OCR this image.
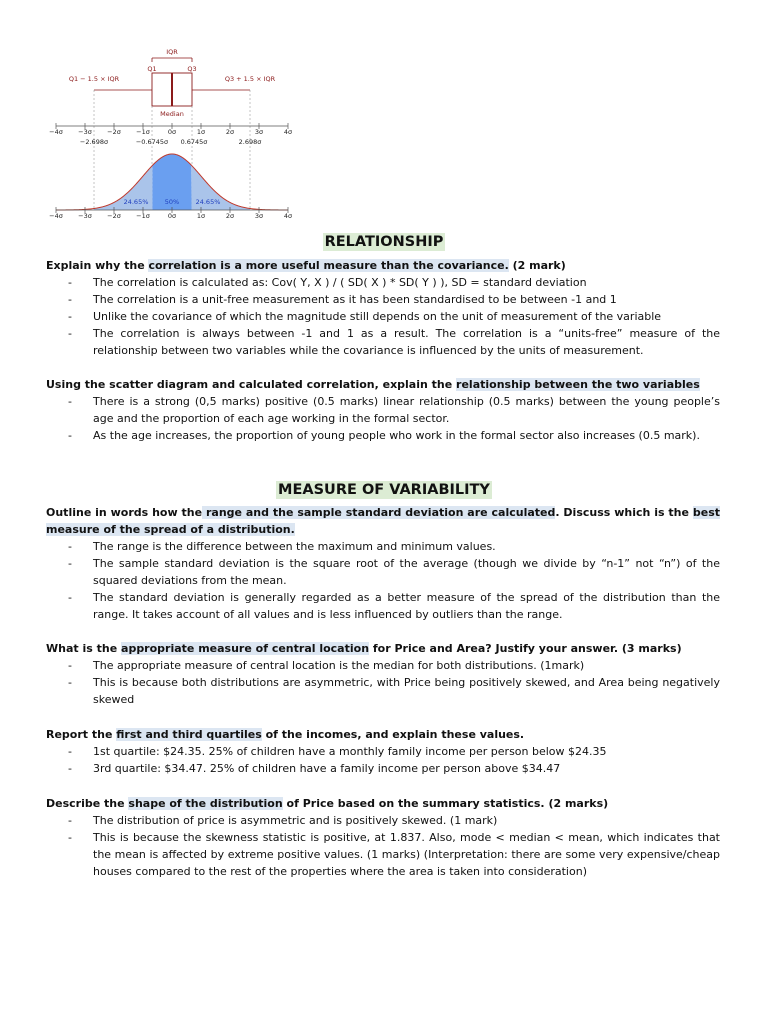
IQR
Q1	Q3
Q1 − 1.5 × IQR	Q3 + 1.5 × IQR
Median
−4σ −3σ −2σ −1σ	0σ	1σ	2σ	3σ	4σ
−2.698σ	−0.6745σ 0.6745σ	2.698σ
24.65%	50%	24.65%
−4σ −3σ −2σ −1σ	0σ	1σ	2σ	3σ	4σ
RELATIONSHIP
Explain why the correlation is a more useful measure than the covariance. (2 mark)
- The correlation is calculated as: Cov( Y, X ) / ( SD( X ) * SD( Y ) ), SD = standard deviation
- The correlation is a unit-free measurement as it has been standardised to be between -1 and 1
- Unlike the covariance of which the magnitude still depends on the unit of measurement of the variable
- The correlation is always between -1 and 1 as a result. The correlation is a “units-free” measure of the relationship between two variables while the covariance is influenced by the units of measurement.
Using the scatter diagram and calculated correlation, explain the relationship between the two variables
- There is a strong (0,5 marks) positive (0.5 marks) linear relationship (0.5 marks) between the young people’s age and the proportion of each age working in the formal sector.
- As the age increases, the proportion of young people who work in the formal sector also increases (0.5 mark).
MEASURE OF VARIABILITY
Outline in words how the range and the sample standard deviation are calculated. Discuss which is the best measure of the spread of a distribution.
- The range is the difference between the maximum and minimum values.
- The sample standard deviation is the square root of the average (though we divide by “n-1” not “n”) of the squared deviations from the mean.
- The standard deviation is generally regarded as a better measure of the spread of the distribution than the range. It takes account of all values and is less influenced by outliers than the range.
What is the appropriate measure of central location for Price and Area? Justify your answer. (3 marks)
- The appropriate measure of central location is the median for both distributions. (1mark)
- This is because both distributions are asymmetric, with Price being positively skewed, and Area being negatively skewed
Report the first and third quartiles of the incomes, and explain these values.
- 1st quartile: $24.35. 25% of children have a monthly family income per person below $24.35
- 3rd quartile: $34.47. 25% of children have a family income per person above $34.47
Describe the shape of the distribution of Price based on the summary statistics. (2 marks)
- The distribution of price is asymmetric and is positively skewed. (1 mark)
- This is because the skewness statistic is positive, at 1.837. Also, mode < median < mean, which indicates that the mean is affected by extreme positive values. (1 marks) (Interpretation: there are some very expensive/cheap houses compared to the rest of the properties where the area is taken into consideration)
